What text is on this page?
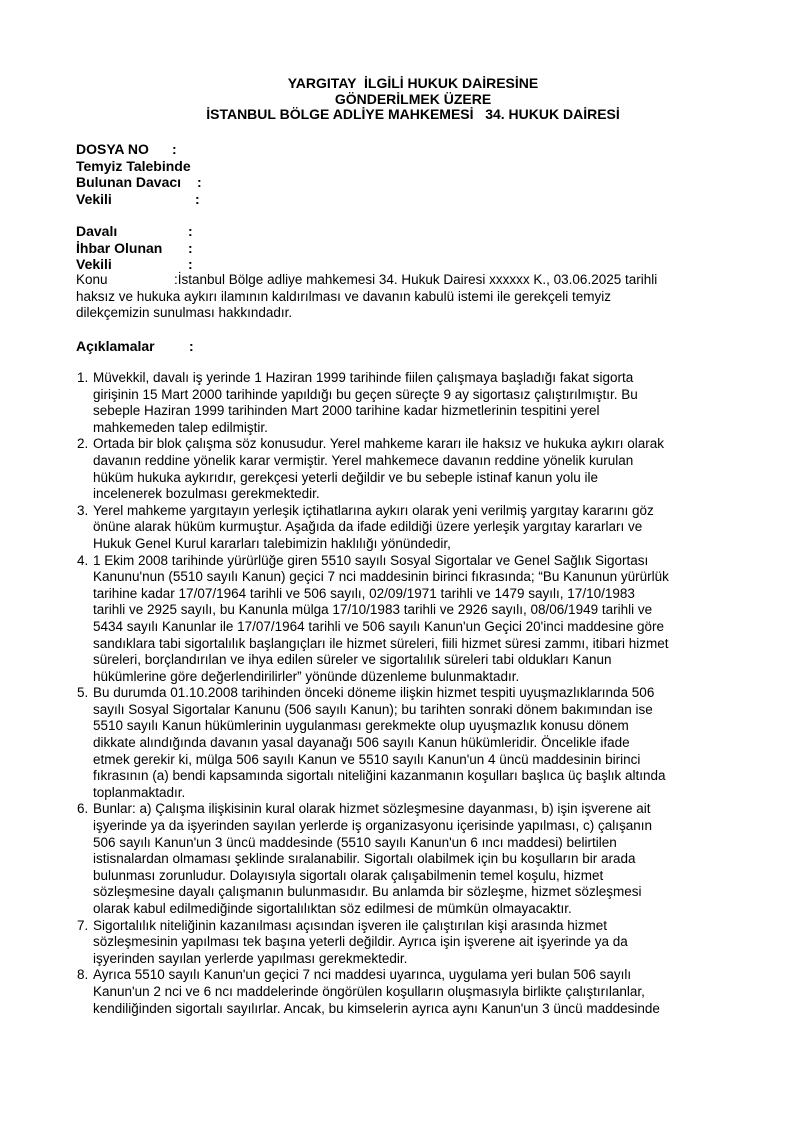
YARGITAY  İLGİLİ HUKUK DAİRESİNE
GÖNDERİLMEK ÜZERE
İSTANBUL BÖLGE ADLİYE MAHKEMESİ   34. HUKUK DAİRESİ
DOSYA NO :
Temyiz Talebinde
Bulunan Davacı :
Vekili	:
Davalı	:
İhbar Olunan :
Vekili	:
Konu	:İstanbul Bölge adliye mahkemesi 34. Hukuk Dairesi xxxxxx K., 03.06.2025 tarihli
haksız ve hukuka aykırı ilamının kaldırılması ve davanın kabulü istemi ile gerekçeli temyiz
dilekçemizin sunulması hakkındadır.
Açıklamalar :
1. Müvekkil, davalı iş yerinde 1 Haziran 1999 tarihinde fiilen çalışmaya başladığı fakat sigorta
girişinin 15 Mart 2000 tarihinde yapıldığı bu geçen süreçte 9 ay sigortasız çalıştırılmıştır. Bu
sebeple Haziran 1999 tarihinden Mart 2000 tarihine kadar hizmetlerinin tespitini yerel
mahkemeden talep edilmiştir.
2. Ortada bir blok çalışma söz konusudur. Yerel mahkeme kararı ile haksız ve hukuka aykırı olarak
davanın reddine yönelik karar vermiştir. Yerel mahkemece davanın reddine yönelik kurulan
hüküm hukuka aykırıdır, gerekçesi yeterli değildir ve bu sebeple istinaf kanun yolu ile
incelenerek bozulması gerekmektedir.
3. Yerel mahkeme yargıtayın yerleşik içtihatlarına aykırı olarak yeni verilmiş yargıtay kararını göz
önüne alarak hüküm kurmuştur. Aşağıda da ifade edildiği üzere yerleşik yargıtay kararları ve
Hukuk Genel Kurul kararları talebimizin haklılığı yönündedir,
4. 1 Ekim 2008 tarihinde yürürlüğe giren 5510 sayılı Sosyal Sigortalar ve Genel Sağlık Sigortası
Kanunu'nun (5510 sayılı Kanun) geçici 7 nci maddesinin birinci fıkrasında; “Bu Kanunun yürürlük
tarihine kadar 17/07/1964 tarihli ve 506 sayılı, 02/09/1971 tarihli ve 1479 sayılı, 17/10/1983
tarihli ve 2925 sayılı, bu Kanunla mülga 17/10/1983 tarihli ve 2926 sayılı, 08/06/1949 tarihli ve
5434 sayılı Kanunlar ile 17/07/1964 tarihli ve 506 sayılı Kanun'un Geçici 20'inci maddesine göre
sandıklara tabi sigortalılık başlangıçları ile hizmet süreleri, fiili hizmet süresi zammı, itibari hizmet
süreleri, borçlandırılan ve ihya edilen süreler ve sigortalılık süreleri tabi oldukları Kanun
hükümlerine göre değerlendirilirler” yönünde düzenleme bulunmaktadır.
5. Bu durumda 01.10.2008 tarihinden önceki döneme ilişkin hizmet tespiti uyuşmazlıklarında 506
sayılı Sosyal Sigortalar Kanunu (506 sayılı Kanun); bu tarihten sonraki dönem bakımından ise
5510 sayılı Kanun hükümlerinin uygulanması gerekmekte olup uyuşmazlık konusu dönem
dikkate alındığında davanın yasal dayanağı 506 sayılı Kanun hükümleridir. Öncelikle ifade
etmek gerekir ki, mülga 506 sayılı Kanun ve 5510 sayılı Kanun'un 4 üncü maddesinin birinci
fıkrasının (a) bendi kapsamında sigortalı niteliğini kazanmanın koşulları başlıca üç başlık altında
toplanmaktadır.
6. Bunlar: a) Çalışma ilişkisinin kural olarak hizmet sözleşmesine dayanması, b) işin işverene ait
işyerinde ya da işyerinden sayılan yerlerde iş organizasyonu içerisinde yapılması, c) çalışanın
506 sayılı Kanun'un 3 üncü maddesinde (5510 sayılı Kanun'un 6 ıncı maddesi) belirtilen
istisnalardan olmaması şeklinde sıralanabilir. Sigortalı olabilmek için bu koşulların bir arada
bulunması zorunludur. Dolayısıyla sigortalı olarak çalışabilmenin temel koşulu, hizmet
sözleşmesine dayalı çalışmanın bulunmasıdır. Bu anlamda bir sözleşme, hizmet sözleşmesi
olarak kabul edilmediğinde sigortalılıktan söz edilmesi de mümkün olmayacaktır.
7. Sigortalılık niteliğinin kazanılması açısından işveren ile çalıştırılan kişi arasında hizmet
sözleşmesinin yapılması tek başına yeterli değildir. Ayrıca işin işverene ait işyerinde ya da
işyerinden sayılan yerlerde yapılması gerekmektedir.
8. Ayrıca 5510 sayılı Kanun'un geçici 7 nci maddesi uyarınca, uygulama yeri bulan 506 sayılı
Kanun'un 2 nci ve 6 ncı maddelerinde öngörülen koşulların oluşmasıyla birlikte çalıştırılanlar,
kendiliğinden sigortalı sayılırlar. Ancak, bu kimselerin ayrıca aynı Kanun'un 3 üncü maddesinde
